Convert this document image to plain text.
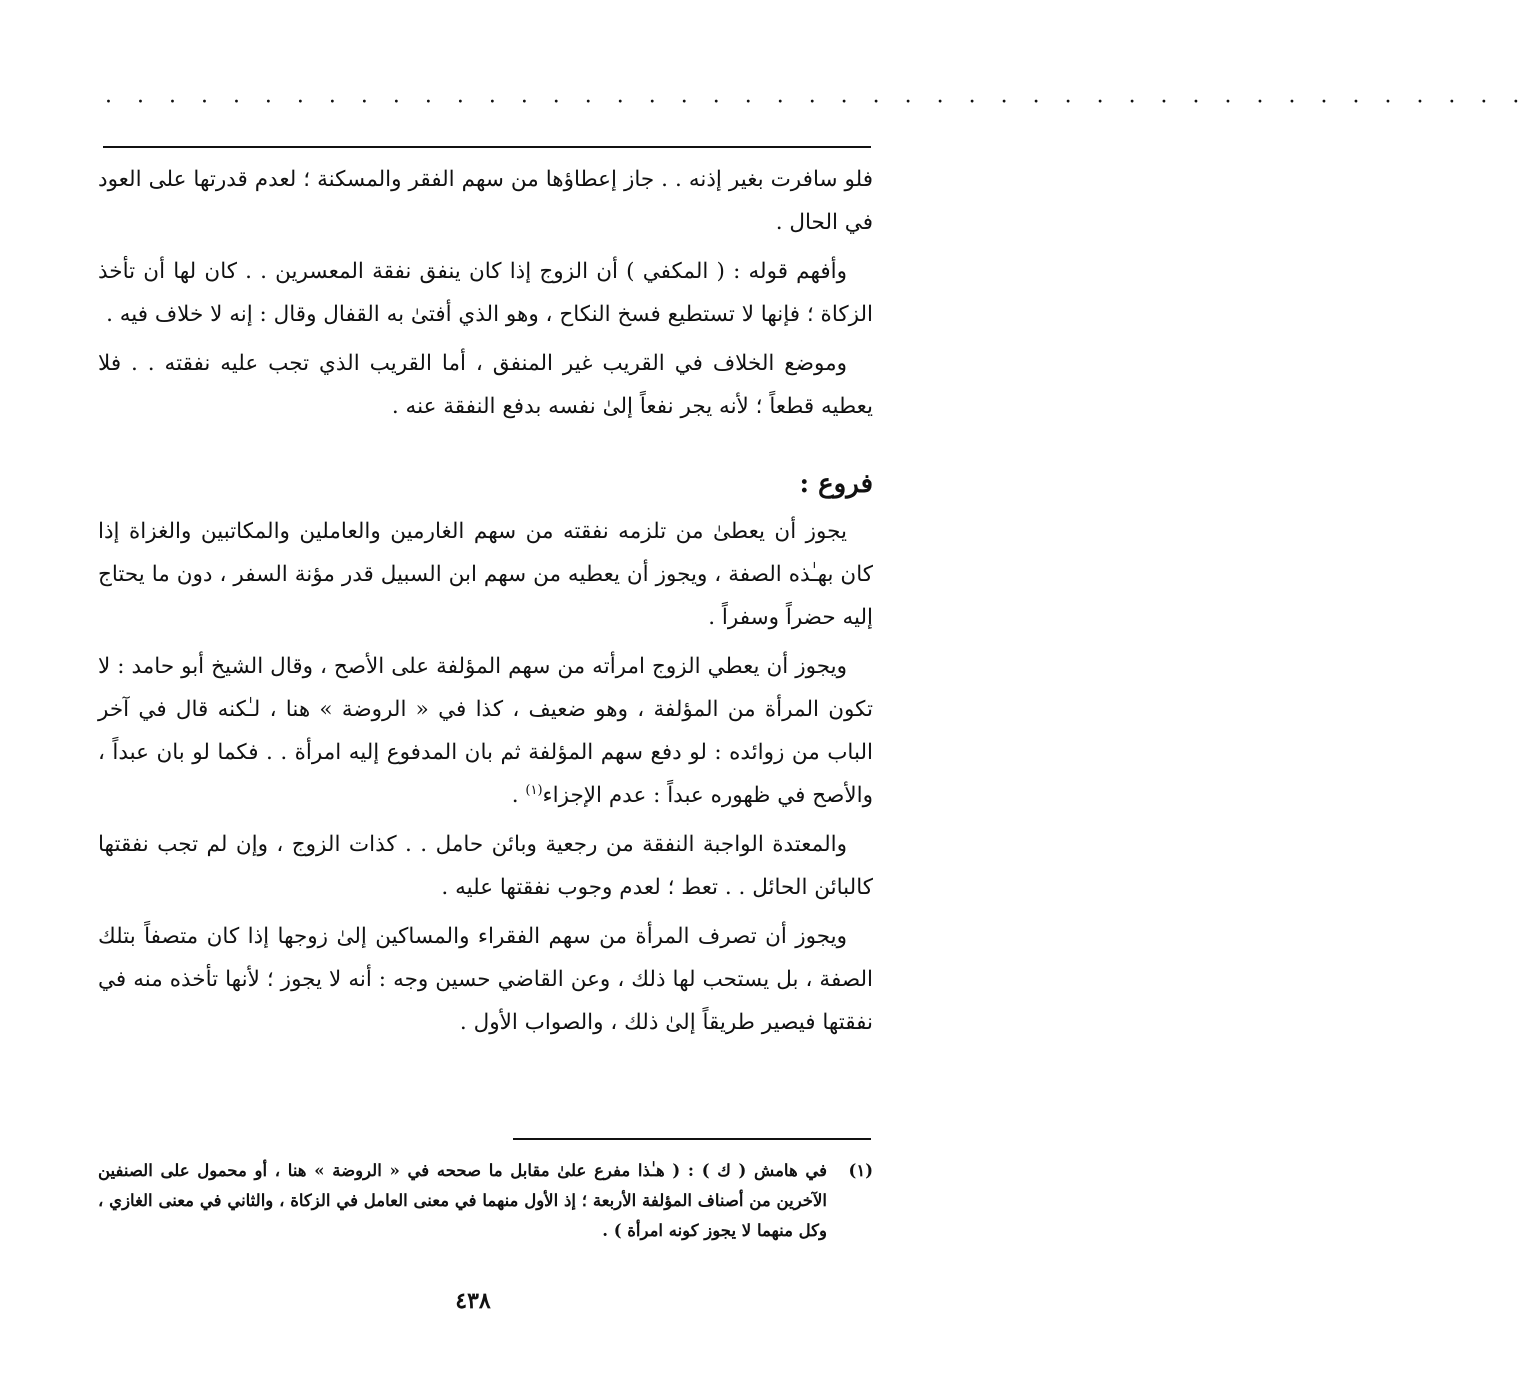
· · · · · · · · · · · · · · · · · · · · · · · · · · · · · · · · · · · · · · · · · · · · ·

فلو سافرت بغير إذنه . . جاز إعطاؤها من سهم الفقر والمسكنة ؛ لعدم قدرتها على العود في الحال .

وأفهم قوله : ( المكفي ) أن الزوج إذا كان ينفق نفقة المعسرين . . كان لها أن تأخذ الزكاة ؛ فإنها لا تستطيع فسخ النكاح ، وهو الذي أفتىٰ به القفال وقال : إنه لا خلاف فيه .

وموضع الخلاف في القريب غير المنفق ، أما القريب الذي تجب عليه نفقته . . فلا يعطيه قطعاً ؛ لأنه يجر نفعاً إلىٰ نفسه بدفع النفقة عنه .

فروع :

يجوز أن يعطىٰ من تلزمه نفقته من سهم الغارمين والعاملين والمكاتبين والغزاة إذا كان بهـٰذه الصفة ، ويجوز أن يعطيه من سهم ابن السبيل قدر مؤنة السفر ، دون ما يحتاج إليه حضراً وسفراً .

ويجوز أن يعطي الزوج امرأته من سهم المؤلفة على الأصح ، وقال الشيخ أبو حامد : لا تكون المرأة من المؤلفة ، وهو ضعيف ، كذا في « الروضة » هنا ، لـٰكنه قال في آخر الباب من زوائده : لو دفع سهم المؤلفة ثم بان المدفوع إليه امرأة . . فكما لو بان عبداً ، والأصح في ظهوره عبداً : عدم الإجزاء$^{(١)}$ .

والمعتدة الواجبة النفقة من رجعية وبائن حامل . . كذات الزوج ، وإن لم تجب نفقتها كالبائن الحائل . . تعط ؛ لعدم وجوب نفقتها عليه .

ويجوز أن تصرف المرأة من سهم الفقراء والمساكين إلىٰ زوجها إذا كان متصفاً بتلك الصفة ، بل يستحب لها ذلك ، وعن القاضي حسين وجه : أنه لا يجوز ؛ لأنها تأخذه منه في نفقتها فيصير طريقاً إلىٰ ذلك ، والصواب الأول .

(١)
في هامش ( ك ) : ( هـٰذا مفرع علىٰ مقابل ما صححه في « الروضة » هنا ، أو محمول على الصنفين الآخرين من أصناف المؤلفة الأربعة ؛ إذ الأول منهما في معنى العامل في الزكاة ، والثاني في معنى الغازي ، وكل منهما لا يجوز كونه امرأة ) .
٤٣٨
